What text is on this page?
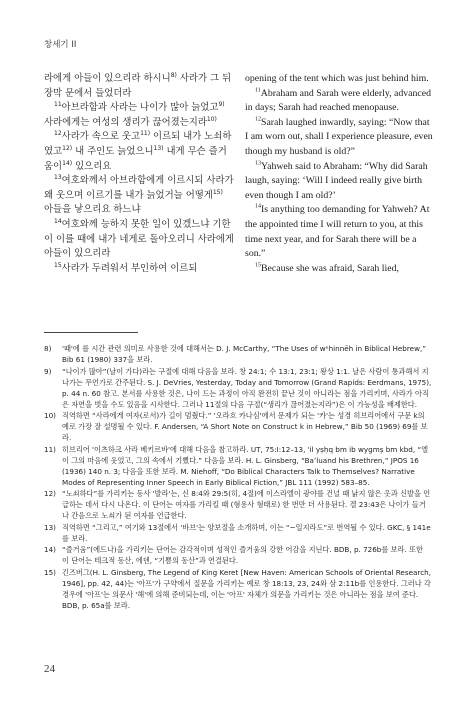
창세기 II

라에게 아들이 있으리라 하시니$^{8)}$ 사라가 그 뒤 장막 문에서 들었더라

$^{11}$아브라함과 사라는 나이가 많아 늙었고$^{9)}$ 사라에게는 여성의 생리가 끊어졌는지라$^{10)}$

$^{12}$사라가 속으로 웃고$^{11)}$ 이르되 내가 노쇠하였고$^{12)}$ 내 주인도 늙었으니$^{13)}$ 내게 무슨 즐거움이$^{14)}$ 있으리요

$^{13}$여호와께서 아브라함에게 이르시되 사라가 왜 웃으며 이르기를 내가 늙었거늘 어떻게$^{15)}$ 아들을 낳으리요 하느냐

$^{14}$여호와께 능하지 못한 일이 있겠느냐 기한이 이를 때에 내가 네게로 돌아오리니 사라에게 아들이 있으리라

$^{15}$사라가 두려워서 부인하여 이르되

opening of the tent which was just behind him.

$^{11}$Abraham and Sarah were elderly, advanced in days; Sarah had reached menopause.

$^{12}$Sarah laughed inwardly, saying: “Now that I am worn out, shall I experience pleasure, even though my husband is old?”

$^{13}$Yahweh said to Abraham: “Why did Sarah laugh, saying: ‘Will I indeed really give birth even though I am old?’

$^{14}$Is anything too demanding for Yahweh? At the appointed time I will return to you, at this time next year, and for Sarah there will be a son.”

$^{15}$Because she was afraid, Sarah lied,

8)	'때'에 를 시간 관련 의미로 사용한 것에 대해서는 D. J. McCarthy, “The Uses of wᵉhinnēh in Biblical Hebrew,” Bib 61 (1980) 337을 보라.
9)	“나이가 많아”(날이 가다)라는 구절에 대해 다음을 보라. 창 24:1; 수 13:1, 23:1; 왕상 1:1. 날은 사람이 통과해서 지나가는 무언가로 간주된다. S. J. DeVries, Yesterday, Today and Tomorrow (Grand Rapids: Eerdmans, 1975), p. 44 n. 60 참고. 본서를 사용한 것은, 나이 드는 과정이 아직 완전히 끝난 것이 아니라는 점을 가리키며, 사라가 아직은 자연을 벗을 수도 있음을 시사한다. 그러나 11절의 다음 구절(“생리가 끊어졌는지라”)은 이 가능성을 배제한다.
10) 직역하면 “사라에게 여자(로서)가 길이 멈췄다.” '오라흐 카나심'에서 문제가 되는 '카'는 성경 히브리어에서 구문 k의 예로 가장 잘 설명될 수 있다. F. Andersen, “A Short Note on Construct k in Hebrew,” Bib 50 (1969) 69를 보라.
11) 히브리어 '이츠하크 사라 베키르바'에 대해 다음을 참고하라. UT, 75:I:12–13, 'il yṣḥq bm ib wygmṣ bm kbd, “엘이 그의 마음에 웃었고, 그의 속에서 기뻤다.” 다음을 보라. H. L. Ginsberg, “Baʻluand his Brethren,” JPOS 16 (1936) 140 n. 3; 다음을 또한 보라. M. Niehoff, “Do Biblical Characters Talk to Themselves? Narrative Modes of Representing Inner Speech in Early Biblical Fiction,” JBL 111 (1992) 583–85.
12) “노쇠하다”를 가리키는 동사 '발라'는, 신 8:4와 29:5(히, 4절)에 이스라엘이 광야를 건널 때 낡지 않은 옷과 신발을 언급하는 데서 다시 나온다. 이 단어는 여자를 가리킬 때 (형용사 형태로) 한 번만 더 사용된다. 겔 23:43은 나이가 들거나 간음으로 노쇠가 된 여자를 언급한다.
13) 직역하면 “그리고,” 여기와 13절에서 '바브'는 양보절을 소개하며, 이는 “~일지라도”로 번역될 수 있다. GKC, § 141e를 보라.
14) “즐거움”(에드나)을 가리키는 단어는 감각적이며 성적인 즐거움의 강한 어감을 지닌다. BDB, p. 726b를 보라. 또한 이 단어는 테크적 동산, 에덴, “기쁨의 동산”과 연결된다.
15) 긴즈버그(H. L. Ginsberg, The Legend of King Keret [New Haven: American Schools of Oriental Research, 1946], pp. 42, 44)는 '아프'가 구약에서 질문을 가리키는 예로 창 18:13, 23, 24와 삼 2:11b를 인용한다. 그러나 각 경우에 '아프'는 의문사 '해'에 의해 준비되는데, 이는 '아프' 자체가 의문을 가리키는 것은 아니라는 점을 보여 준다. BDB, p. 65a를 보라.
24
